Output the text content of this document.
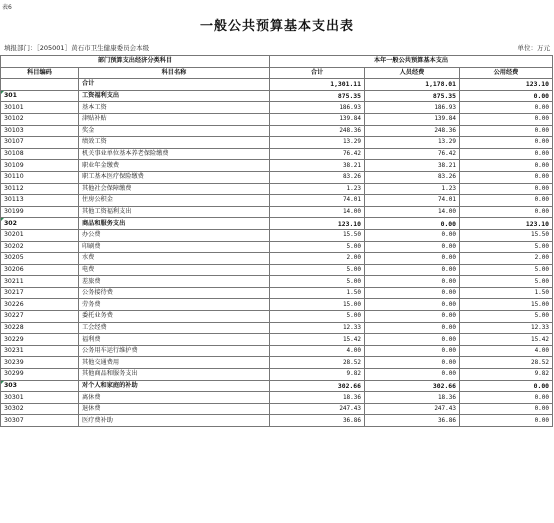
表6
一般公共预算基本支出表
填报部门：［205001］黄石市卫生健康委员会本级	单位：万元
部门预算支出经济分类科目		本年一般公共预算基本支出		
科目编码	科目名称	合计	人员经费	公用经费
	合计	1,301.11	1,178.01	123.10
301	工资福利支出	875.35	875.35	0.00
30101	基本工资	186.93	186.93	0.00
30102	津贴补贴	139.84	139.84	0.00
30103	奖金	248.36	248.36	0.00
30107	绩效工资	13.29	13.29	0.00
30108	机关事业单位基本养老保险缴费	76.42	76.42	0.00
30109	职业年金缴费	38.21	38.21	0.00
30110	职工基本医疗保险缴费	83.26	83.26	0.00
30112	其他社会保障缴费	1.23	1.23	0.00
30113	住房公积金	74.01	74.01	0.00
30199	其他工资福利支出	14.00	14.00	0.00
302	商品和服务支出	123.10	0.00	123.10
30201	办公费	15.50	0.00	15.50
30202	印刷费	5.00	0.00	5.00
30205	水费	2.00	0.00	2.00
30206	电费	5.00	0.00	5.00
30211	差旅费	5.00	0.00	5.00
30217	公务接待费	1.50	0.00	1.50
30226	劳务费	15.00	0.00	15.00
30227	委托业务费	5.00	0.00	5.00
30228	工会经费	12.33	0.00	12.33
30229	福利费	15.42	0.00	15.42
30231	公务用车运行维护费	4.00	0.00	4.00
30239	其他交通费用	28.52	0.00	28.52
30299	其他商品和服务支出	9.82	0.00	9.82
303	对个人和家庭的补助	302.66	302.66	0.00
30301	离休费	18.36	18.36	0.00
30302	退休费	247.43	247.43	0.00
30307	医疗费补助	36.86	36.86	0.00
